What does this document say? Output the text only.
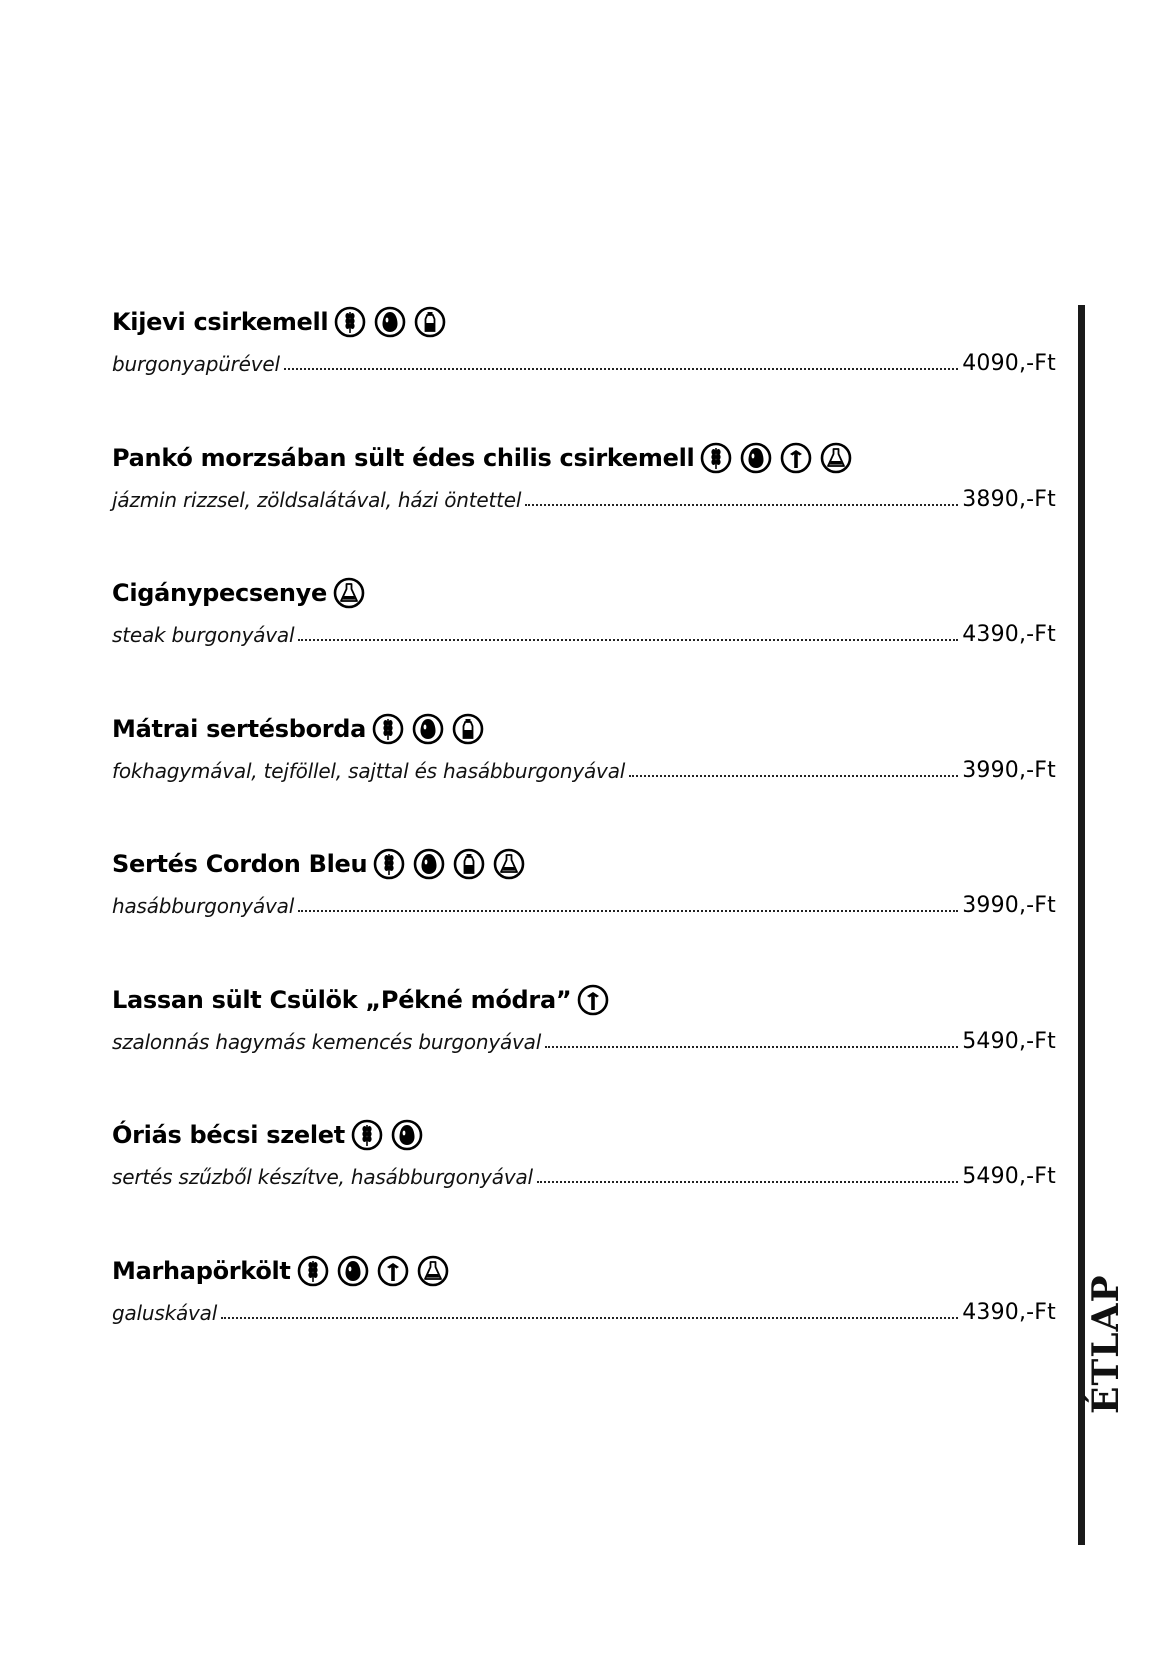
Kijevi csirkemell
burgonyapürével	4090,-Ft
Pankó morzsában sült édes chilis csirkemell
jázmin rizzsel, zöldsalátával, házi öntettel	3890,-Ft
Cigánypecsenye
steak burgonyával	4390,-Ft
Mátrai sertésborda
fokhagymával, tejföllel, sajttal és hasábburgonyával	3990,-Ft
Sertés Cordon Bleu
hasábburgonyával	3990,-Ft
Lassan sült Csülök „Pékné módra”
szalonnás hagymás kemencés burgonyával	5490,-Ft
Óriás bécsi szelet
sertés szűzből készítve, hasábburgonyával	5490,-Ft
Marhapörkölt
galuskával	4390,-Ft ÉTLAP
